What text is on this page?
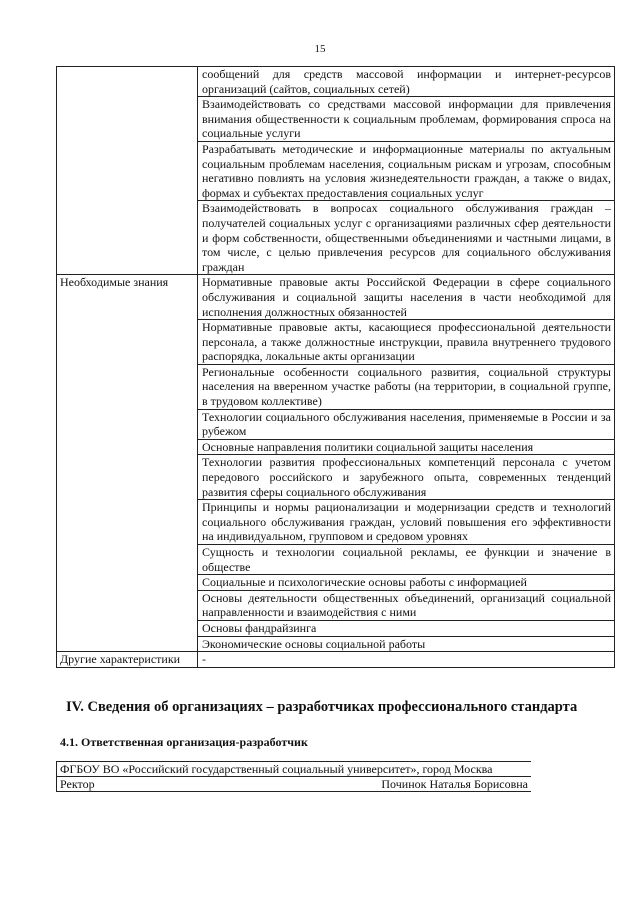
15
	сообщений для средств массовой информации и интернет-ресурсов организаций (сайтов, социальных сетей)
	Взаимодействовать со средствами массовой информации для привлечения внимания общественности к социальным проблемам, формирования спроса на социальные услуги
	Разрабатывать методические и информационные материалы по актуальным социальным проблемам населения, социальным рискам и угрозам, способным негативно повлиять на условия жизнедеятельности граждан, а также о видах, формах и субъектах предоставления социальных услуг
	Взаимодействовать в вопросах социального обслуживания граждан – получателей социальных услуг с организациями различных сфер деятельности и форм собственности, общественными объединениями и частными лицами, в том числе, с целью привлечения ресурсов для социального обслуживания граждан
Необходимые знания	Нормативные правовые акты Российской Федерации в сфере социального обслуживания и социальной защиты населения в части необходимой для исполнения должностных обязанностей
	Нормативные правовые акты, касающиеся профессиональной деятельности персонала, а также должностные инструкции, правила внутреннего трудового распорядка, локальные акты организации
	Региональные особенности социального развития, социальной структуры населения на вверенном участке работы (на территории, в социальной группе, в трудовом коллективе)
	Технологии социального обслуживания населения, применяемые в России и за рубежом
	Основные направления политики социальной защиты населения
	Технологии развития профессиональных компетенций персонала с учетом передового российского и зарубежного опыта, современных тенденций развития сферы социального обслуживания
	Принципы и нормы рационализации и модернизации средств и технологий социального обслуживания граждан, условий повышения его эффективности на индивидуальном, групповом и средовом уровнях
	Сущность и технологии социальной рекламы, ее функции и значение в обществе
	Социальные и психологические основы работы с информацией
	Основы деятельности общественных объединений, организаций социальной направленности и взаимодействия с ними
	Основы фандрайзинга
	Экономические основы социальной работы
Другие характеристики	-
IV. Сведения об организациях – разработчиках профессионального стандарта
4.1. Ответственная организация-разработчик
ФГБОУ ВО «Российский государственный социальный университет», город Москва
Ректор	Починок Наталья Борисовна
